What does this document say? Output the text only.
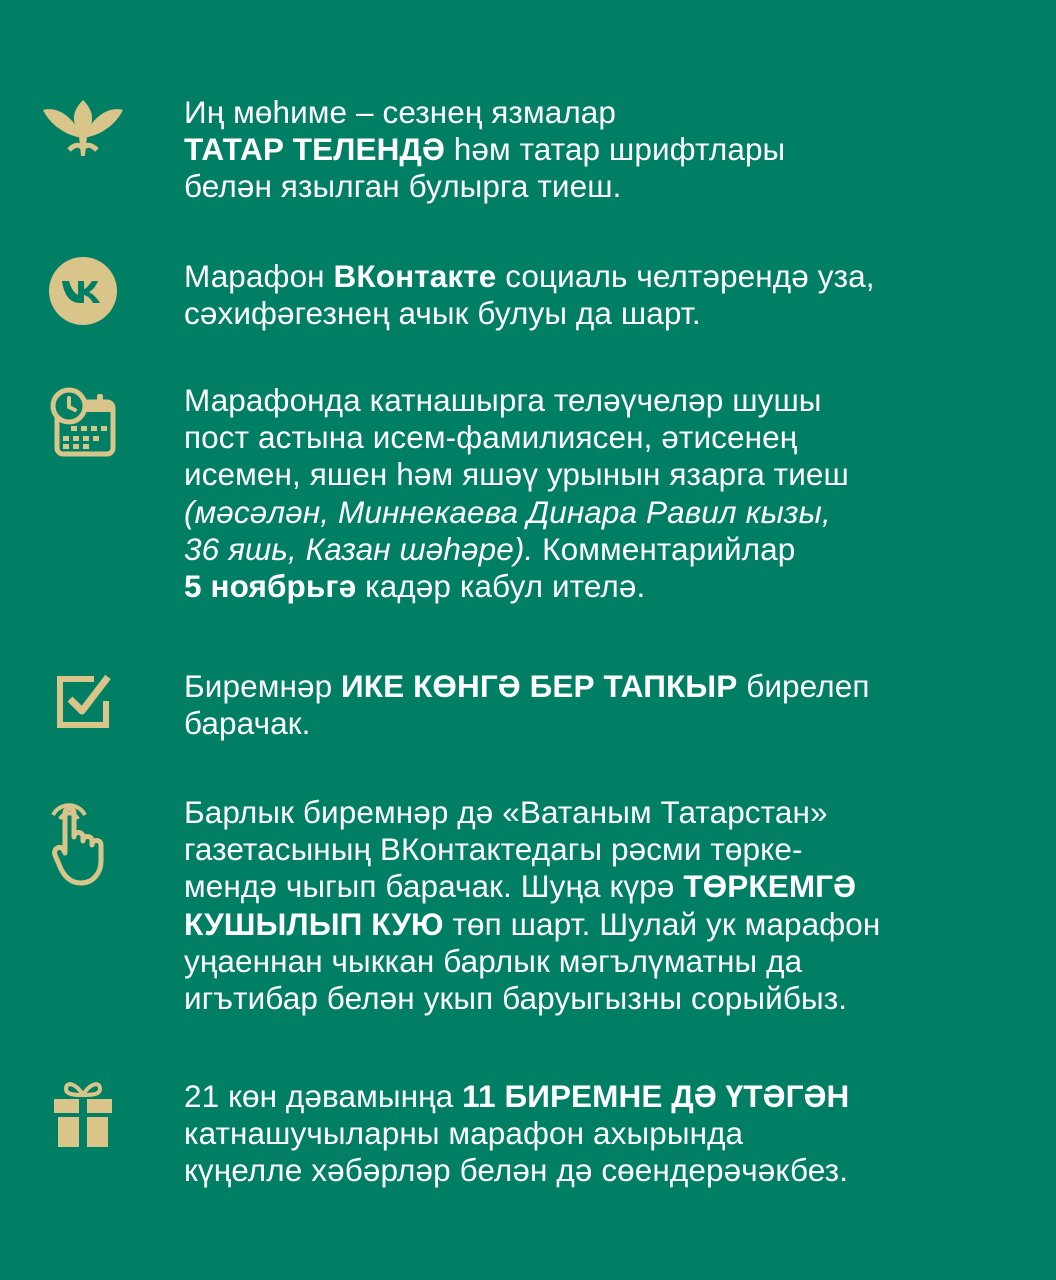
Иң мөһиме – сезнең язмалар
ТАТАР ТЕЛЕНДӘ һәм татар шрифтлары
белән язылган булырга тиеш.
Марафон ВКонтакте социаль челтәрендә уза,
сәхифәгезнең ачык булуы да шарт.
Марафонда катнашырга теләүчеләр шушы
пост астына исем-фамилиясен, әтисенең
исемен, яшен һәм яшәү урынын язарга тиеш
(мәсәлән, Миннекаева Динара Равил кызы,
36 яшь, Казан шәһәре). Комментарийлар
5 ноябрьгә кадәр кабул ителә.
Биремнәр ИКЕ КӨНГӘ БЕР ТАПКЫР бирелеп
барачак.
Барлык биремнәр дә «Ватаным Татарстан»
газетасының ВКонтактедагы рәсми төрке-
мендә чыгып барачак. Шуңа күрә ТӨРКЕМГӘ
КУШЫЛЫП КУЮ төп шарт. Шулай ук марафон
уңаеннан чыккан барлык мәгълүматны да
игътибар белән укып баруыгызны сорыйбыз.
21 көн дәвамынңа 11 БИРЕМНЕ ДӘ ҮТӘГӘН
катнашучыларны марафон ахырында
күңелле хәбәрләр белән дә сөендерәчәкбез.
